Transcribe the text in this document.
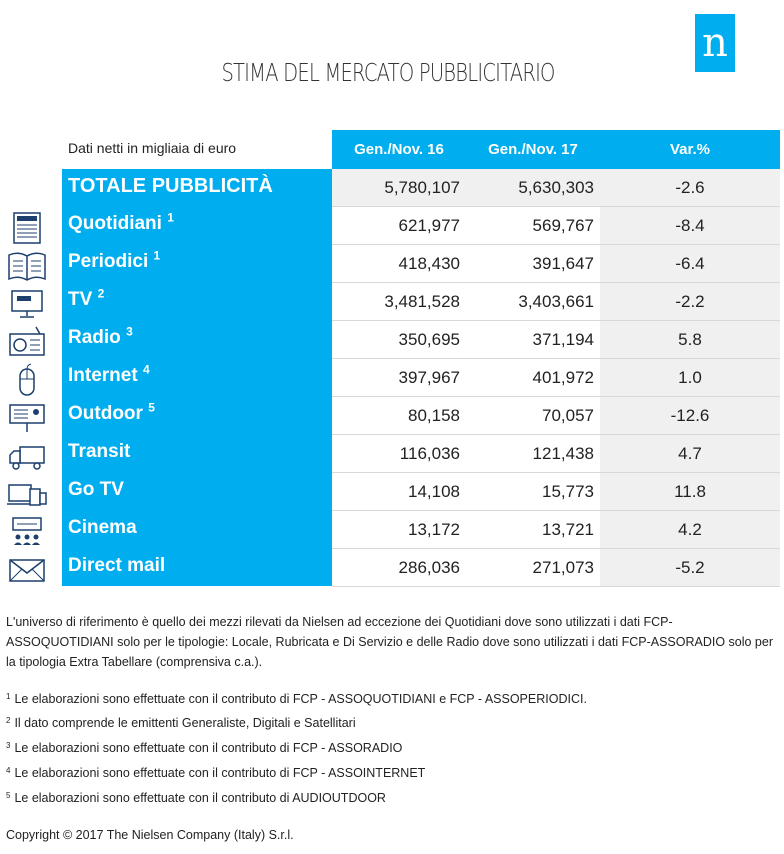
n
STIMA DEL MERCATO PUBBLICITARIO
Dati netti in migliaia di euro	Gen./Nov. 16	Gen./Nov. 17	Var.%
TOTALE PUBBLICITÀ	5,780,107	5,630,303	-2.6
Quotidiani $^1$	621,977	569,767	-8.4
Periodici $^1$	418,430	391,647	-6.4
TV $^2$	3,481,528	3,403,661	-2.2
Radio $^3$	350,695	371,194	5.8
Internet $^4$	397,967	401,972	1.0
Outdoor $^5$	80,158	70,057	-12.6
Transit	116,036	121,438	4.7
Go TV	14,108	15,773	11.8
Cinema	13,172	13,721	4.2
Direct mail	286,036	271,073	-5.2
L'universo di riferimento è quello dei mezzi rilevati da Nielsen ad eccezione dei Quotidiani dove sono utilizzati i dati FCP-ASSOQUOTIDIANI solo per le tipologie: Locale, Rubricata e Di Servizio e delle Radio dove sono utilizzati i dati FCP-ASSORADIO solo per la tipologia Extra Tabellare (comprensiva c.a.).
$^1$ Le elaborazioni sono effettuate con il contributo di FCP - ASSOQUOTIDIANI e FCP - ASSOPERIODICI.
$^2$ Il dato comprende le emittenti Generaliste, Digitali e Satellitari
$^3$ Le elaborazioni sono effettuate con il contributo di FCP - ASSORADIO
$^4$ Le elaborazioni sono effettuate con il contributo di FCP - ASSOINTERNET
$^5$ Le elaborazioni sono effettuate con il contributo di AUDIOUTDOOR
Copyright © 2017 The Nielsen Company (Italy) S.r.l.
